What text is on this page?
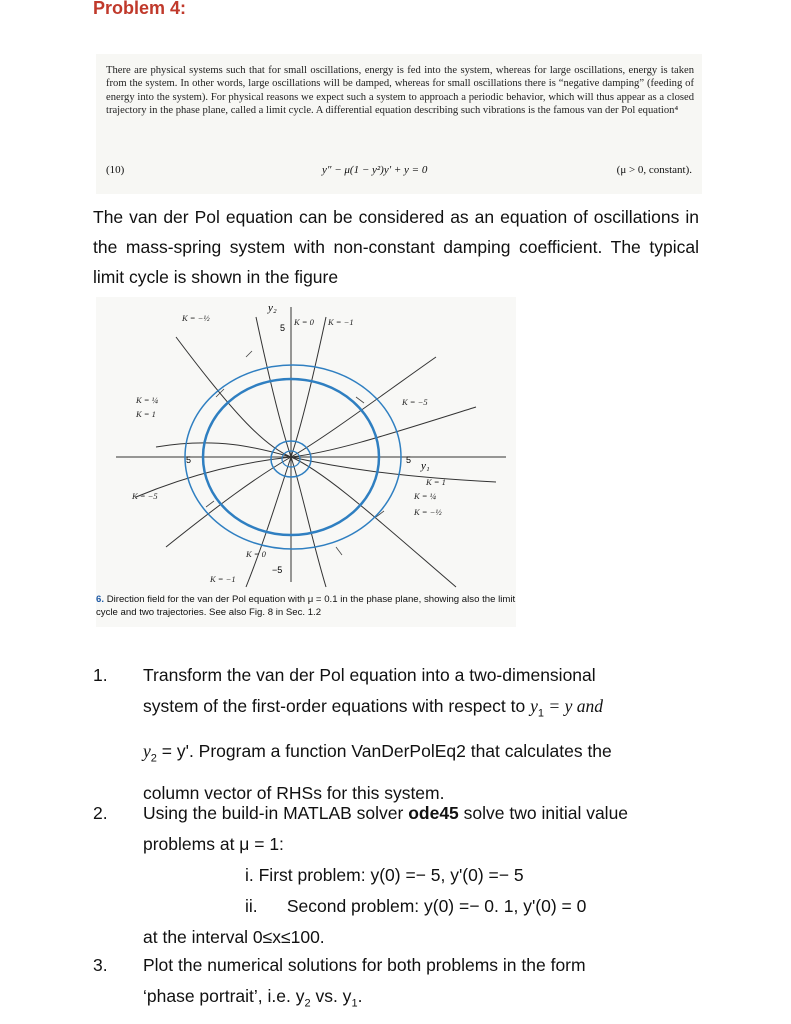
Problem 4:

There are physical systems such that for small oscillations, energy is fed into the system, whereas for large oscillations, energy is taken from the system. In other words, large oscillations will be damped, whereas for small oscillations there is “negative damping” (feeding of energy into the system). For physical reasons we expect such a system to approach a periodic behavior, which will thus appear as a closed trajectory in the phase plane, called a limit cycle. A differential equation describing such vibrations is the famous van der Pol equation⁴

(10)	y″ − μ(1 − y²)y′ + y = 0	(μ > 0, constant).
The van der Pol equation can be considered as an equation of oscillations in the mass-spring system with non-constant damping coefficient. The typical limit cycle is shown in the figure
y₂
y₁
5
5	5
−5
K = −½	K = 0 K = −1
K = ¼
K = 1
K = −5
K = −5
K = 1
K = ¼
K = −½
K = 0
K = −1
6. Direction field for the van der Pol equation with μ = 0.1 in the phase plane, showing also the limit cycle and two trajectories. See also Fig. 8 in Sec. 1.2
1. Transform the van der Pol equation into a two-dimensional
system of the first-order equations with respect to $y_1 = y$ and
$y_2 = y'$. Program a function VanDerPolEq2 that calculates the
column vector of RHSs for this system.
2. Using the build-in MATLAB solver ode45 solve two initial value
problems at μ = 1:
i. First problem: y(0) =− 5, y'(0) =− 5
ii. Second problem: y(0) =− 0. 1, y'(0) = 0
at the interval 0≤x≤100.
3. Plot the numerical solutions for both problems in the form
‘phase portrait’, i.e. $y_2$ vs. $y_1$.
